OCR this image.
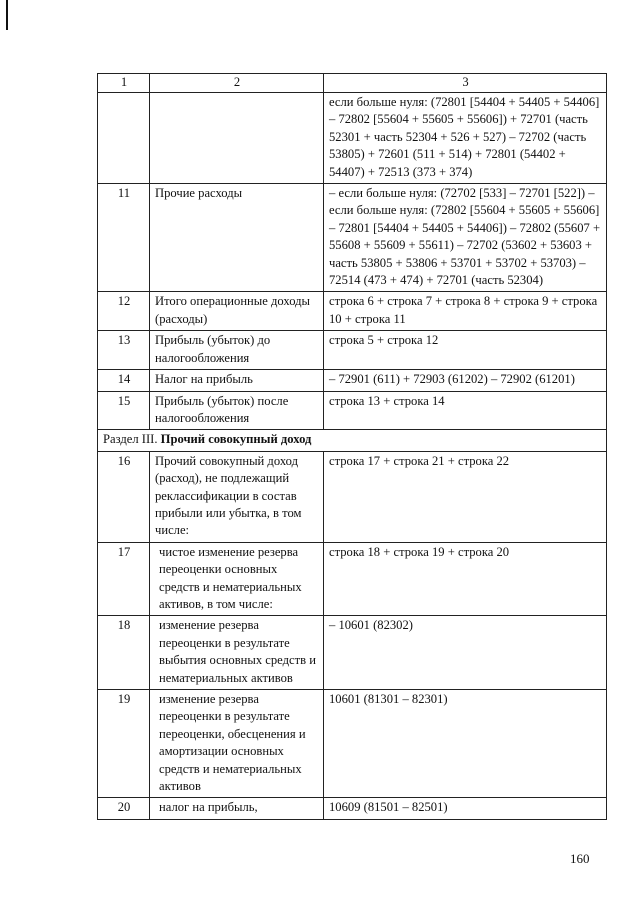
1	2	3
		если больше нуля: (72801 [54404 + 54405 + 54406] – 72802 [55604 + 55605 + 55606]) + 72701 (часть 52301 + часть 52304 + 526 + 527) – 72702 (часть 53805) + 72601 (511 + 514) + 72801 (54402 + 54407) + 72513 (373 + 374)
11	Прочие расходы	– если больше нуля: (72702 [533] – 72701 [522]) – если больше нуля: (72802 [55604 + 55605 + 55606] – 72801 [54404 + 54405 + 54406]) – 72802 (55607 + 55608 + 55609 + 55611) – 72702 (53602 + 53603 + часть 53805 + 53806 + 53701 + 53702 + 53703) – 72514 (473 + 474) + 72701 (часть 52304)
12	Итого операционные доходы (расходы)	строка 6 + строка 7 + строка 8 + строка 9 + строка 10 + строка 11
13	Прибыль (убыток) до налогообложения	строка 5 + строка 12
14	Налог на прибыль	– 72901 (611) + 72903 (61202) – 72902 (61201)
15	Прибыль (убыток) после налогообложения	строка 13 + строка 14
Раздел III. Прочий совокупный доход		
16	Прочий совокупный доход (расход), не подлежащий реклассификации в состав прибыли или убытка, в том числе:	строка 17 + строка 21 + строка 22
17	чистое изменение резерва переоценки основных средств и нематериальных активов, в том числе:	строка 18 + строка 19 + строка 20
18	изменение резерва переоценки в результате выбытия основных средств и нематериальных активов	– 10601 (82302)
19	изменение резерва переоценки в результате переоценки, обесценения и амортизации основных средств и нематериальных активов	10601 (81301 – 82301)
20	налог на прибыль,	10609 (81501 – 82501)
160
